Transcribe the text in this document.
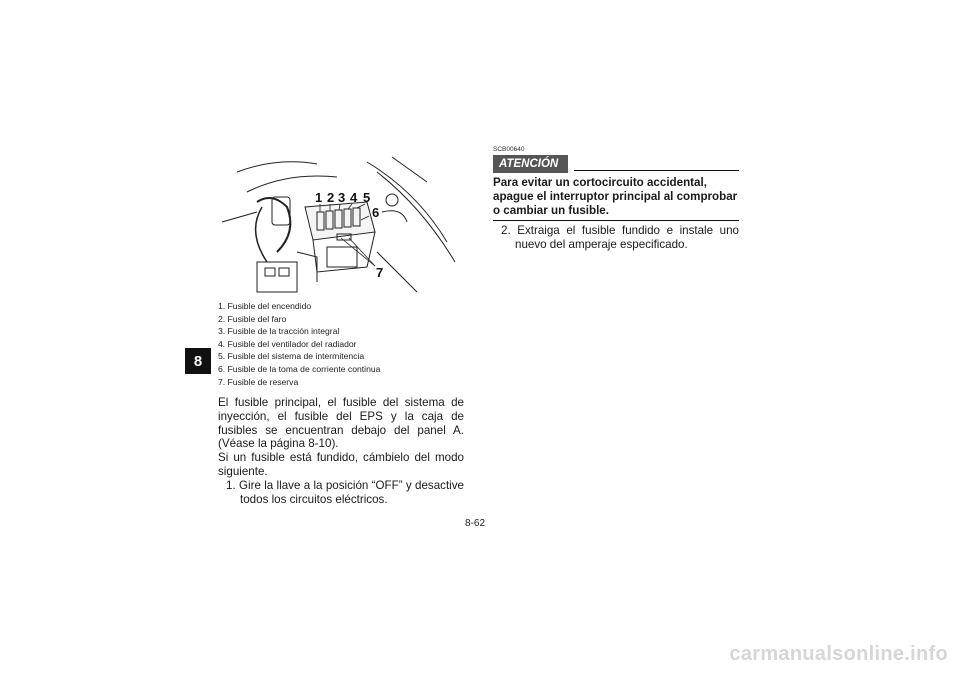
8
1 2 3 4 5
6
7
1. Fusible del encendido
2. Fusible del faro
3. Fusible de la tracción integral
4. Fusible del ventilador del radiador
5. Fusible del sistema de intermitencia
6. Fusible de la toma de corriente continua
7. Fusible de reserva

El fusible principal, el fusible del sistema de inyección, el fusible del EPS y la caja de fusibles se encuentran debajo del panel A. (Véase la página 8-10).

Si un fusible está fundido, cámbielo del modo siguiente.

1. Gire la llave a la posición “OFF” y desactive todos los circuitos eléctricos.

SCB00640
ATENCIÓN
Para evitar un cortocircuito accidental, apague el interruptor principal al comprobar o cambiar un fusible.
2. Extraiga el fusible fundido e instale uno nuevo del amperaje especificado.
8-62
carmanualsonline.info
